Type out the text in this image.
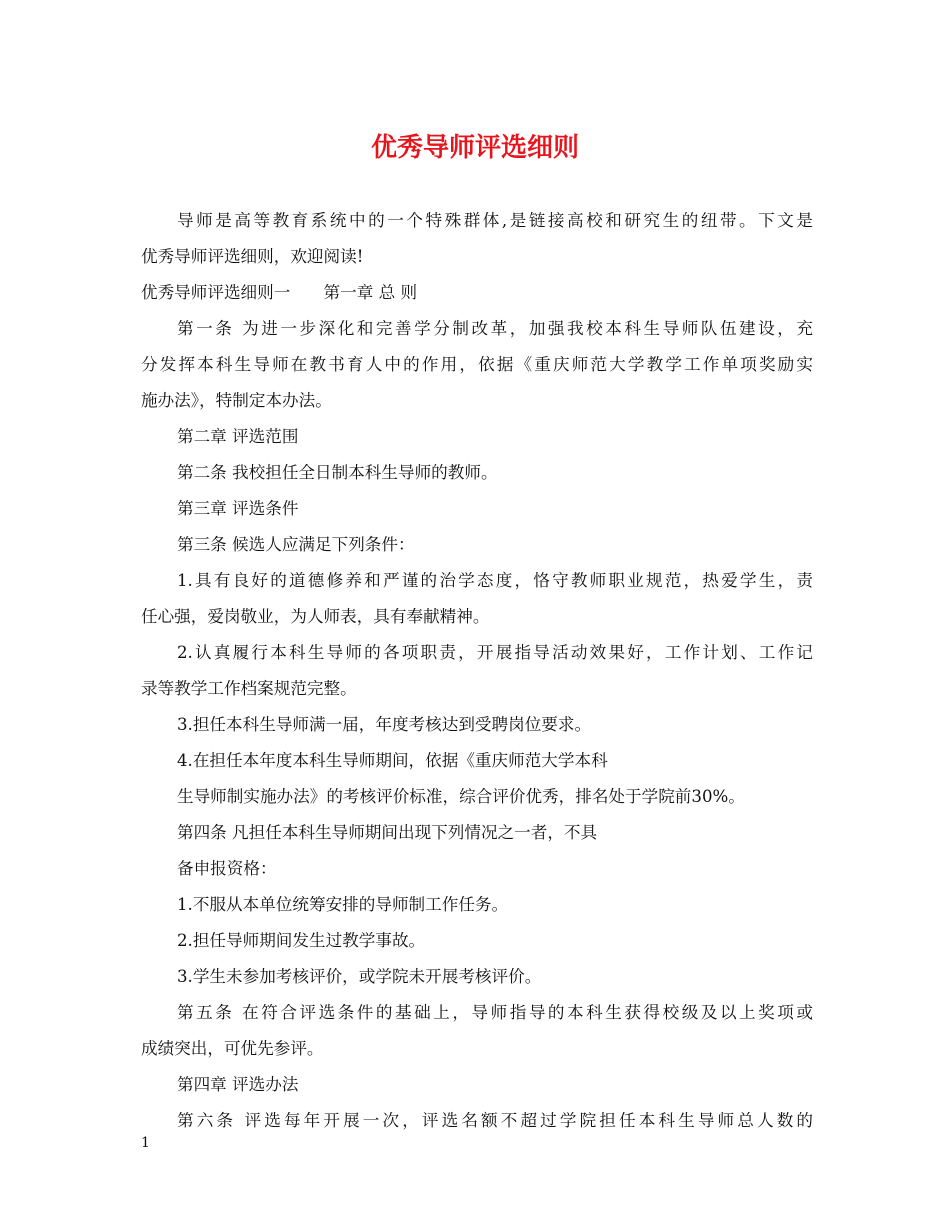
优秀导师评选细则

导师是高等教育系统中的一个特殊群体,是链接高校和研究生的纽带。下文是

优秀导师评选细则，欢迎阅读!

优秀导师评选细则一　　第一章 总 则

第一条 为进一步深化和完善学分制改革，加强我校本科生导师队伍建设，充

分发挥本科生导师在教书育人中的作用，依据《重庆师范大学教学工作单项奖励实

施办法》，特制定本办法。

第二章 评选范围

第二条 我校担任全日制本科生导师的教师。

第三章 评选条件

第三条 候选人应满足下列条件：

1.具有良好的道德修养和严谨的治学态度，恪守教师职业规范，热爱学生，责

任心强，爱岗敬业，为人师表，具有奉献精神。

2.认真履行本科生导师的各项职责，开展指导活动效果好，工作计划、工作记

录等教学工作档案规范完整。

3.担任本科生导师满一届，年度考核达到受聘岗位要求。

4.在担任本年度本科生导师期间，依据《重庆师范大学本科

生导师制实施办法》的考核评价标准，综合评价优秀，排名处于学院前30%。

第四条 凡担任本科生导师期间出现下列情况之一者，不具

备申报资格：

1.不服从本单位统筹安排的导师制工作任务。

2.担任导师期间发生过教学事故。

3.学生未参加考核评价，或学院未开展考核评价。

第五条 在符合评选条件的基础上，导师指导的本科生获得校级及以上奖项或

成绩突出，可优先参评。

第四章 评选办法

第六条 评选每年开展一次，评选名额不超过学院担任本科生导师总人数的

1
